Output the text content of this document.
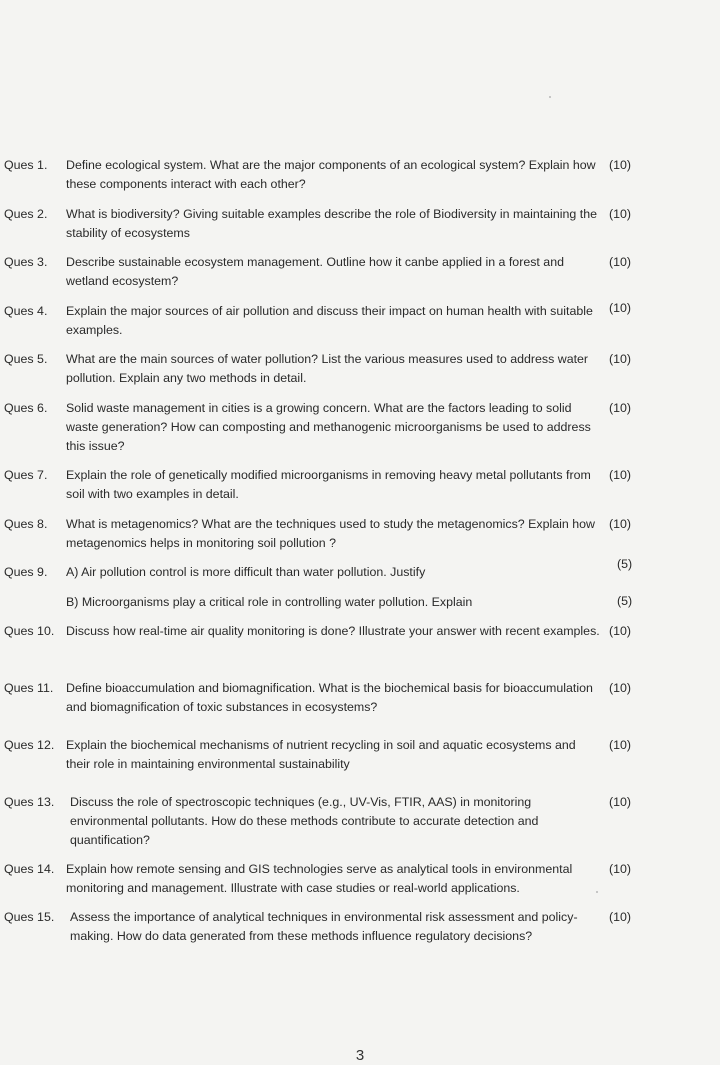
Ques 1.	Define ecological system. What are the major components of an ecological system? Explain how these components interact with each other?
(10)
Ques 2.	What is biodiversity? Giving suitable examples describe the role of Biodiversity in maintaining the stability of ecosystems
(10)
Ques 3.	Describe sustainable ecosystem management. Outline how it canbe applied in a forest and wetland ecosystem?
(10)
Ques 4.	Explain the major sources of air pollution and discuss their impact on human health with suitable examples.
(10)
Ques 5.	What are the main sources of water pollution? List the various measures used to address water pollution. Explain any two methods in detail.
(10)
Ques 6.	Solid waste management in cities is a growing concern. What are the factors leading to solid waste generation? How can composting and methanogenic microorganisms be used to address this issue?
(10)
Ques 7.	Explain the role of genetically modified microorganisms in removing heavy metal pollutants from soil with two examples in detail.
(10)
Ques 8.	What is metagenomics? What are the techniques used to study the metagenomics? Explain how metagenomics helps in monitoring soil pollution ?
(10)
Ques 9.	A) Air pollution control is more difficult than water pollution. Justify
(5)
B) Microorganisms play a critical role in controlling water pollution. Explain	(5)
Ques 10. Discuss how real-time air quality monitoring is done? Illustrate your answer with recent examples. (10)
Ques 11.	Define bioaccumulation and biomagnification. What is the biochemical basis for bioaccumulation and biomagnification of toxic substances in ecosystems?
(10)
Ques 12. Explain the biochemical mechanisms of nutrient recycling in soil and aquatic ecosystems and their role in maintaining environmental sustainability
(10)
Ques 13.	Discuss the role of spectroscopic techniques (e.g., UV-Vis, FTIR, AAS) in monitoring environmental pollutants. How do these methods contribute to accurate detection and quantification?
(10)
Ques 14. Explain how remote sensing and GIS technologies serve as analytical tools in environmental monitoring and management. Illustrate with case studies or real-world applications.
(10)
Ques 15.	Assess the importance of analytical techniques in environmental risk assessment and policy-making. How do data generated from these methods influence regulatory decisions?
(10)
3
